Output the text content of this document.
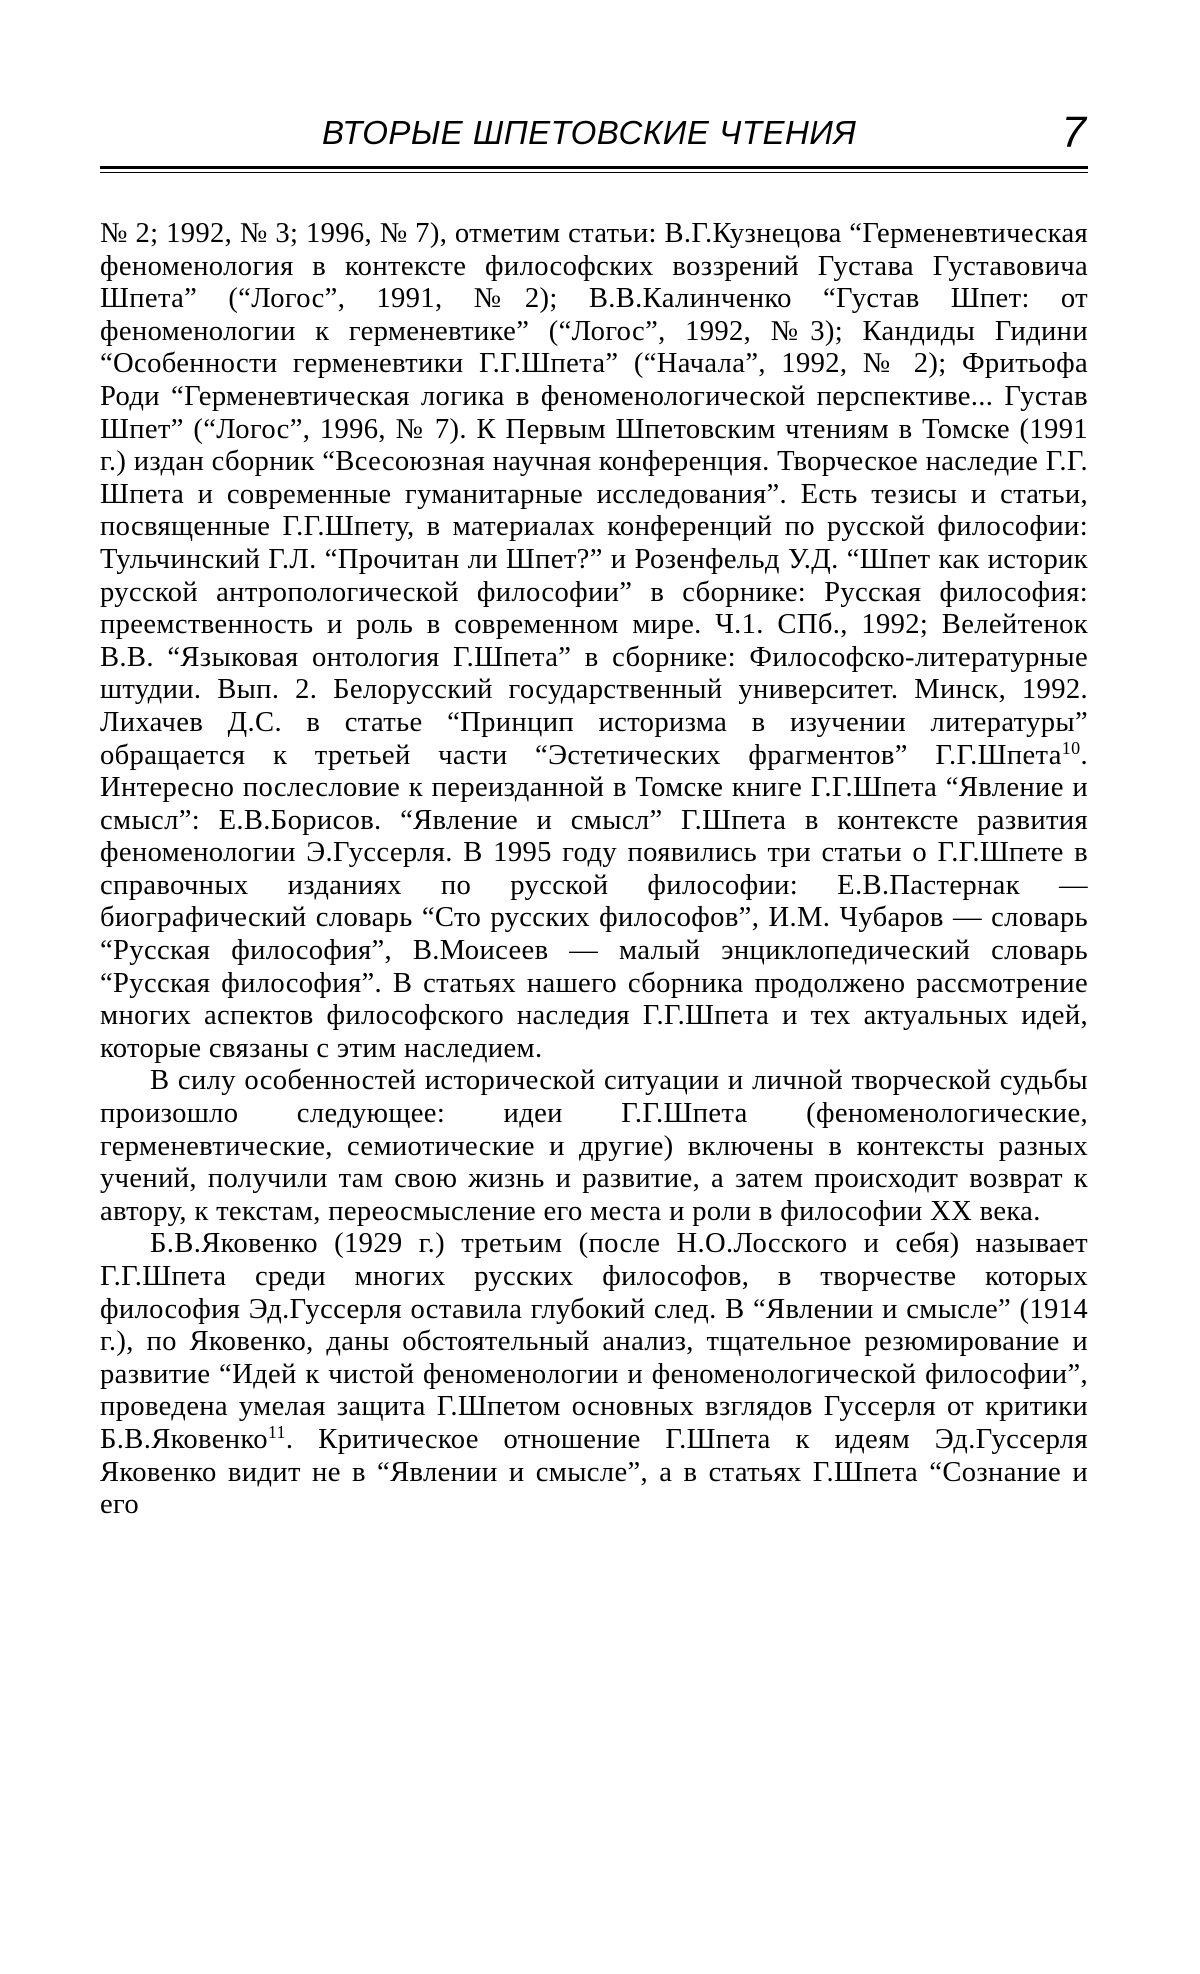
ВТОРЫЕ ШПЕТОВСКИЕ ЧТЕНИЯ	7

№ 2; 1992, № 3; 1996, № 7), отметим статьи: В.Г.Кузнецова “Герменевтическая феноменология в контексте философских воззрений Густава Густавовича Шпета” (“Логос”, 1991, №2); В.В.Калинченко “Густав Шпет: от феноменологии к герменевтике” (“Логос”, 1992, №3); Кандиды Гидини “Особенности герменевтики Г.Г.Шпета” (“Начала”, 1992, № 2); Фритьофа Роди “Герменевтическая логика в феноменологической перспективе... Густав Шпет” (“Логос”, 1996, № 7). К Первым Шпетовским чтениям в Томске (1991 г.) издан сборник “Всесоюзная научная конференция. Творческое наследие Г.Г. Шпета и современные гуманитарные исследования”. Есть тезисы и статьи, посвященные Г.Г.Шпету, в материалах конференций по русской философии: Тульчинский Г.Л. “Прочитан ли Шпет?” и Розенфельд У.Д. “Шпет как историк русской антропологической философии” в сборнике: Русская философия: преемственность и роль в современном мире. Ч.1. СПб., 1992; Велейтенок В.В. “Языковая онтология Г.Шпета” в сборнике: Философско-литературные штудии. Вып. 2. Белорусский государственный университет. Минск, 1992. Лихачев Д.С. в статье “Принцип историзма в изучении литературы” обращается к третьей части “Эстетических фрагментов” Г.Г.Шпета$^{10}$. Интересно послесловие к переизданной в Томске книге Г.Г.Шпета “Явление и смысл”: Е.В.Борисов. “Явление и смысл” Г.Шпета в контексте развития феноменологии Э.Гуссерля. В 1995 году появились три статьи о Г.Г.Шпете в справочных изданиях по русской философии: Е.В.Пастернак — биографический словарь “Сто русских философов”, И.М. Чубаров — словарь “Русская философия”, В.Моисеев — малый энциклопедический словарь “Русская философия”. В статьях нашего сборника продолжено рассмотрение многих аспектов философского наследия Г.Г.Шпета и тех актуальных идей, которые связаны с этим наследием.

В силу особенностей исторической ситуации и личной творческой судьбы произошло следующее: идеи Г.Г.Шпета (феноменологические, герменевтические, семиотические и другие) включены в контексты разных учений, получили там свою жизнь и развитие, а затем происходит возврат к автору, к текстам, переосмысление его места и роли в философии XX века.

Б.В.Яковенко (1929 г.) третьим (после Н.О.Лосского и себя) называет Г.Г.Шпета среди многих русских философов, в творчестве которых философия Эд.Гуссерля оставила глубокий след. В “Явлении и смысле” (1914 г.), по Яковенко, даны обстоятельный анализ, тщательное резюмирование и развитие “Идей к чистой феноменологии и феноменологической философии”, проведена умелая защита Г.Шпетом основных взглядов Гуссерля от критики Б.В.Яковенко$^{11}$. Критическое отношение Г.Шпета к идеям Эд.Гуссерля Яковенко видит не в “Явлении и смысле”, а в статьях Г.Шпета “Сознание и его
